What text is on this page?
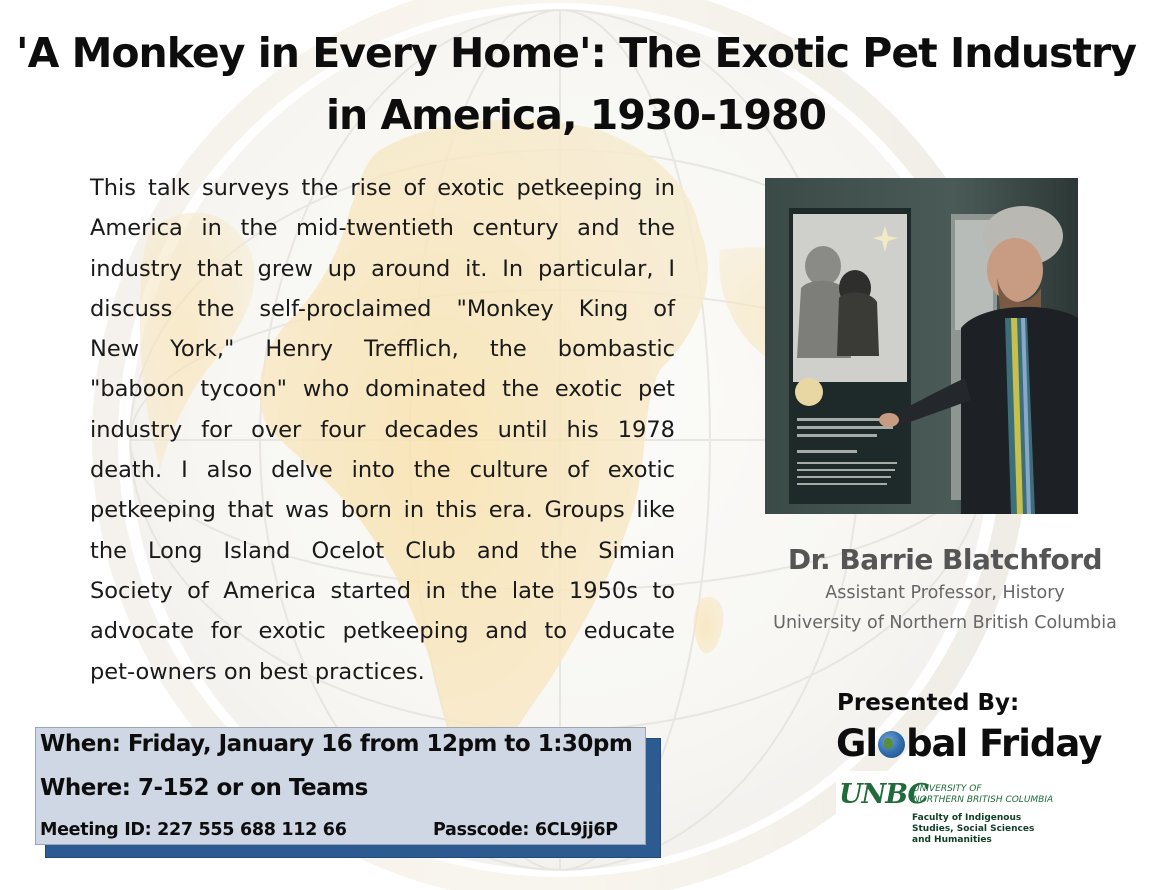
'A Monkey in Every Home': The Exotic Pet Industry
in America, 1930-1980
This talk surveys the rise of exotic petkeeping in
America in the mid-twentieth century and the
industry that grew up around it. In particular, I
discuss the self-proclaimed "Monkey King of
New York," Henry Trefflich, the bombastic
"baboon tycoon" who dominated the exotic pet
industry for over four decades until his 1978
death. I also delve into the culture of exotic
petkeeping that was born in this era. Groups like
the Long Island Ocelot Club and the Simian
Society of America started in the late 1950s to
advocate for exotic petkeeping and to educate
pet-owners on best practices.
Dr. Barrie Blatchford
Assistant Professor, History
University of Northern British Columbia
Presented By:
Gl bal Friday
UNBC
UNIVERSITY OF
NORTHERN BRITISH COLUMBIA
Faculty of Indigenous
Studies, Social Sciences
and Humanities
When: Friday, January 16 from 12pm to 1:30pm
Where: 7-152 or on Teams
Meeting ID: 227 555 688 112 66	Passcode: 6CL9jj6P
